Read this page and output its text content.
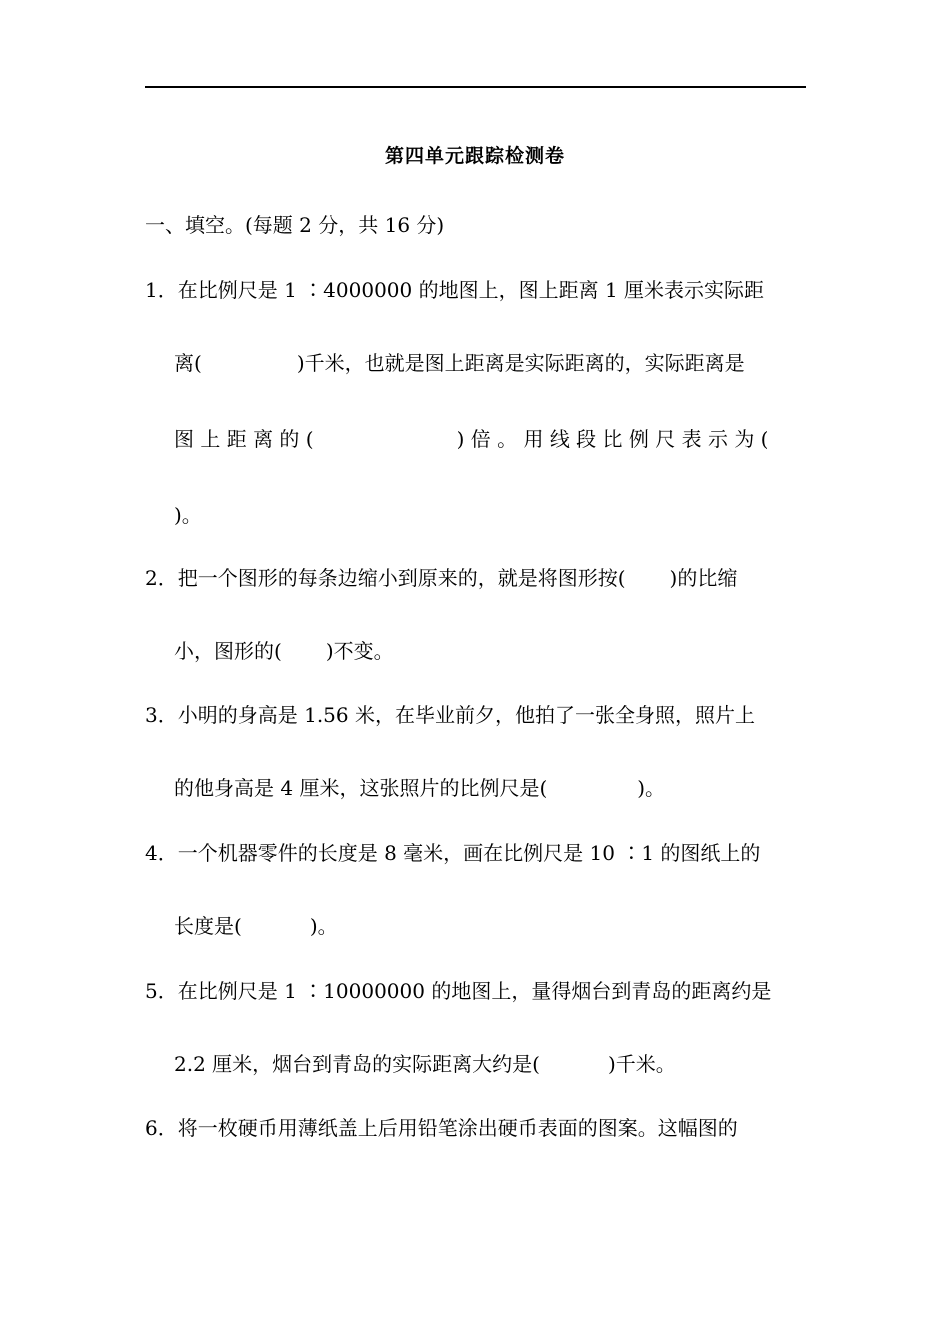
第四单元跟踪检测卷
一、填空。(每题 2 分，共 16 分)
1．在比例尺是 1 ∶4000000 的地图上，图上距离 1 厘米表示实际距
离(	)千米，也就是图上距离是实际距离的，实际距离是
图 上 距 离 的 (	) 倍 。 用 线 段 比 例 尺 表 示 为 (
)。
2．把一个图形的每条边缩小到原来的，就是将图形按( )的比缩
小，图形的( )不变。
3．小明的身高是 1.56 米，在毕业前夕，他拍了一张全身照，照片上
的他身高是 4 厘米，这张照片的比例尺是(	)。
4．一个机器零件的长度是 8 毫米，画在比例尺是 10 ∶1 的图纸上的
长度是(	)。
5．在比例尺是 1 ∶10000000 的地图上，量得烟台到青岛的距离约是
2.2 厘米，烟台到青岛的实际距离大约是(	)千米。
6．将一枚硬币用薄纸盖上后用铅笔涂出硬币表面的图案。这幅图的
